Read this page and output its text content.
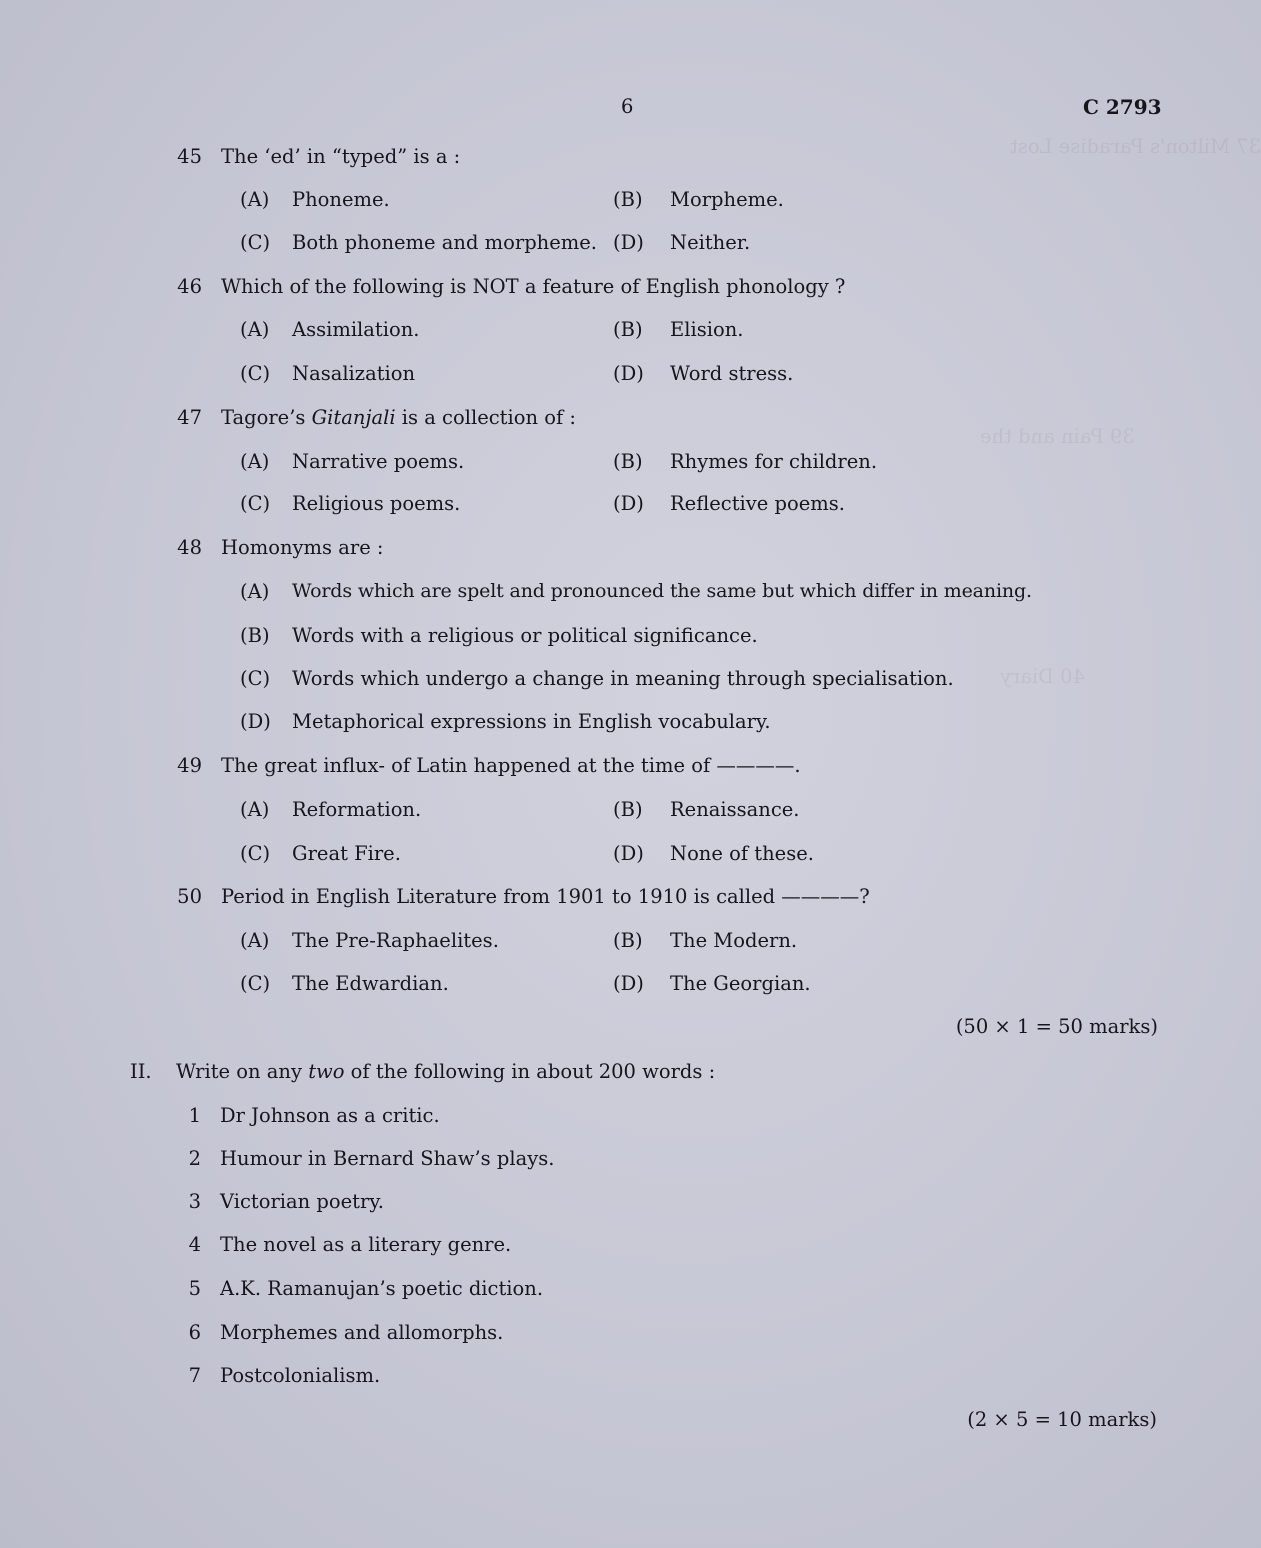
37 Milton's Paradise Lost
39 Pain and the
40 Diary
6	C 2793
45 The ‘ed’ in “typed” is a :
(A) Phoneme.	(B) Morpheme.
(C) Both phoneme and morpheme. (D) Neither.
46 Which of the following is NOT a feature of English phonology ?
(A) Assimilation.	(B) Elision.
(C) Nasalization	(D) Word stress.
47 Tagore’s Gitanjali is a collection of :
(A) Narrative poems.	(B) Rhymes for children.
(C) Religious poems.	(D) Reflective poems.
48 Homonyms are :
(A) Words which are spelt and pronounced the same but which differ in meaning.
(B) Words with a religious or political significance.
(C) Words which undergo a change in meaning through specialisation.
(D) Metaphorical expressions in English vocabulary.
49 The great influx- of Latin happened at the time of ————.
(A) Reformation.	(B) Renaissance.
(C) Great Fire.	(D) None of these.
50 Period in English Literature from 1901 to 1910 is called ————?
(A) The Pre-Raphaelites.	(B) The Modern.
(C) The Edwardian.	(D) The Georgian.
(50 × 1 = 50 marks)
II. Write on any two of the following in about 200 words :
1 Dr Johnson as a critic.
2 Humour in Bernard Shaw’s plays.
3 Victorian poetry.
4 The novel as a literary genre.
5 A.K. Ramanujan’s poetic diction.
6 Morphemes and allomorphs.
7 Postcolonialism.
(2 × 5 = 10 marks)
